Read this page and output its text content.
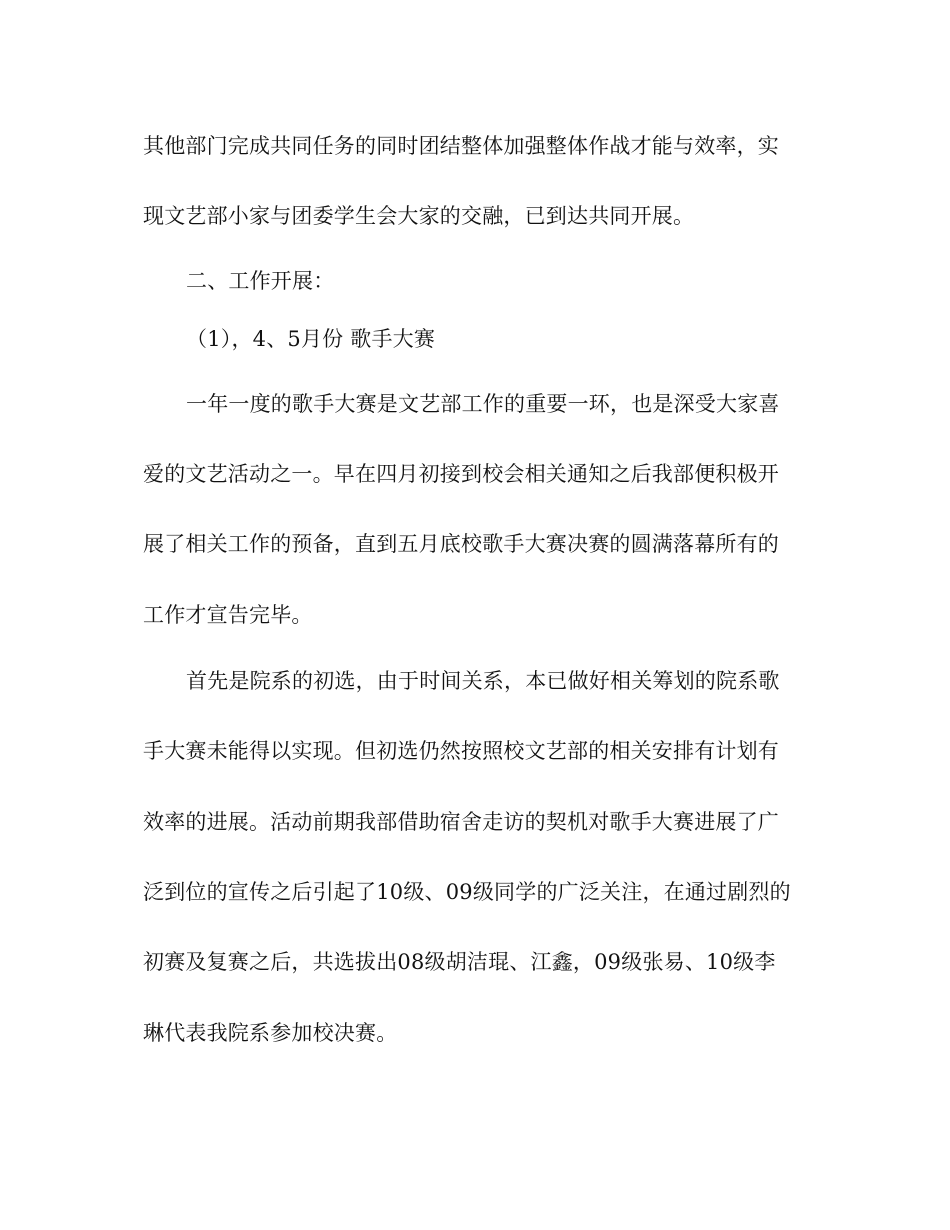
其他部门完成共同任务的同时团结整体加强整体作战才能与效率，实
现文艺部小家与团委学生会大家的交融，已到达共同开展。
二、工作开展：
（1），4、5月份 歌手大赛
一年一度的歌手大赛是文艺部工作的重要一环，也是深受大家喜
爱的文艺活动之一。早在四月初接到校会相关通知之后我部便积极开
展了相关工作的预备，直到五月底校歌手大赛决赛的圆满落幕所有的
工作才宣告完毕。
首先是院系的初选，由于时间关系，本已做好相关筹划的院系歌
手大赛未能得以实现。但初选仍然按照校文艺部的相关安排有计划有
效率的进展。活动前期我部借助宿舍走访的契机对歌手大赛进展了广
泛到位的宣传之后引起了10级、09级同学的广泛关注，在通过剧烈的
初赛及复赛之后，共选拔出08级胡洁琨、江鑫，09级张易、10级李
琳代表我院系参加校决赛。
